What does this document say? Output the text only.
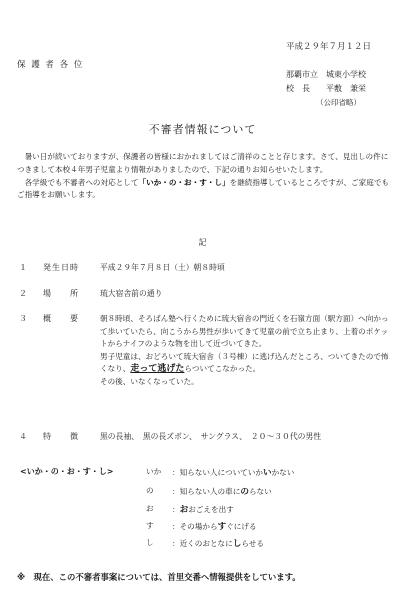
平成２９年７月１２日
保 護 者 各 位
那覇市立　城東小学校
校　長　　平敷　兼栄
（公印省略）
不審者情報について

暑い日が続いておりますが、保護者の皆様におかれましてはご清祥のことと存じます。さて、見出しの件につきまして本校４年男子児童より情報がありましたので、下記の通りお知らせいたします。

各学級でも不審者への対応として「いか・の・お・す・し」を継続指導しているところですが、ご家庭でもご指導をお願いします。

記
１ 発生日時	平成２９年７月８日（土）朝８時頃
２ 場　　所	琉大宿舎前の通り
３ 概　　要	朝８時頃、そろばん塾へ行くために琉大宿舎の門近くを石嶺方面（駅方面）へ向かって歩いていたら、向こうから男性が歩いてきて児童の前で立ち止まり、上着のポケットからナイフのような物を出して近づいてきた。

男子児童は、おどろいて琉大宿舎（３号棟）に逃げ込んだところ、ついてきたので怖くなり、走って逃げたらついてこなかった。

その後、いなくなっていた。

４ 特　　徴	黒の長袖、　黒の長ズボン、　サングラス、　２０～３０代の男性
<いか・の・お・す・し>	いか	：知らない人についていかいかない
の	：知らない人の車にのらない
お	：おおごえを出す
す	：その場からすぐにげる
し	：近くのおとなにしらせる
※　現在、この不審者事案については、首里交番へ情報提供をしています。
